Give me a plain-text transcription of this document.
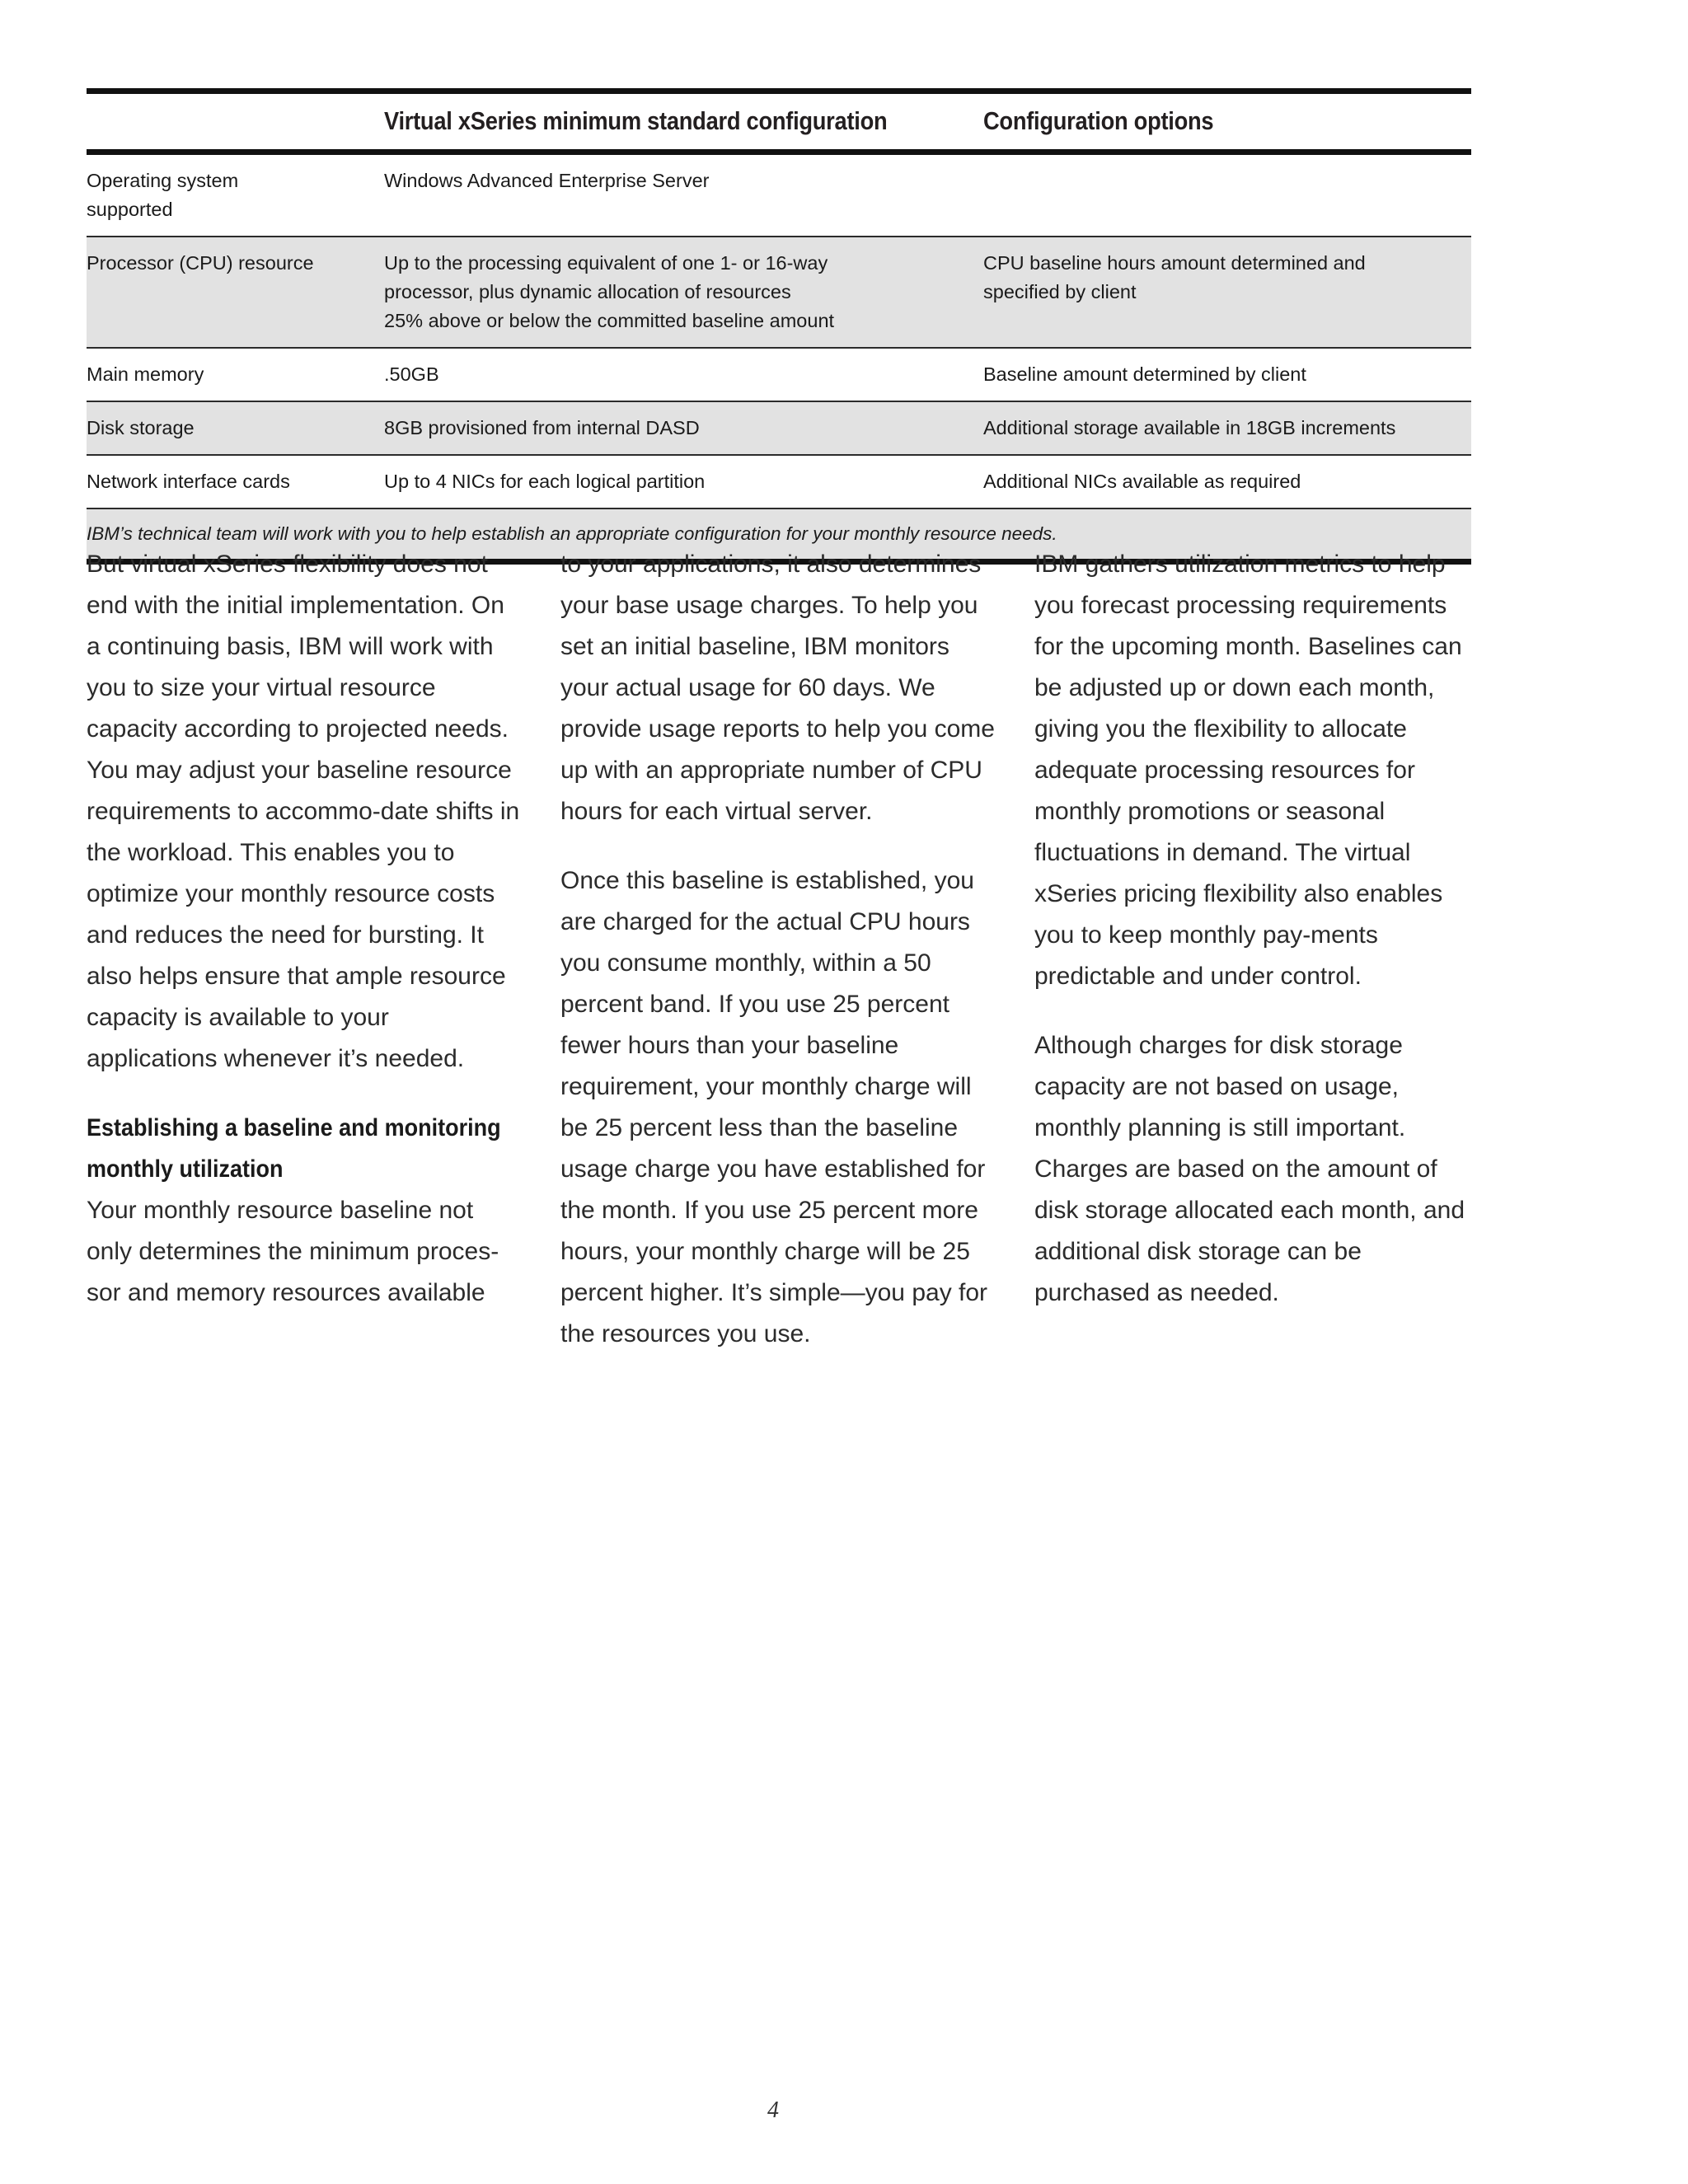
	Virtual xSeries minimum standard configuration	Configuration options
Operating system supported	Windows Advanced Enterprise Server	
Processor (CPU) resource	Up to the processing equivalent of one 1- or 16-way processor, plus dynamic allocation of resources 25% above or below the committed baseline amount	CPU baseline hours amount determined and specified by client
Main memory	.50GB	Baseline amount determined by client
Disk storage	8GB provisioned from internal DASD	Additional storage available in 18GB increments
Network interface cards	Up to 4 NICs for each logical partition	Additional NICs available as required
IBM’s technical team will work with you to help establish an appropriate configuration for your monthly resource needs.		

But virtual xSeries flexibility does not end with the initial implementation. On a continuing basis, IBM will work with you to size your virtual resource capacity according to projected needs. You may adjust your baseline resource requirements to accommo-date shifts in the workload. This enables you to optimize your monthly resource costs and reduces the need for bursting. It also helps ensure that ample resource capacity is available to your applications whenever it’s needed.

Establishing a baseline and monitoring monthly utilization

Your monthly resource baseline not only determines the minimum proces-sor and memory resources available

to your applications, it also determines your base usage charges. To help you set an initial baseline, IBM monitors your actual usage for 60 days. We provide usage reports to help you come up with an appropriate number of CPU hours for each virtual server.

Once this baseline is established, you are charged for the actual CPU hours you consume monthly, within a 50 percent band. If you use 25 percent fewer hours than your baseline requirement, your monthly charge will be 25 percent less than the baseline usage charge you have established for the month. If you use 25 percent more hours, your monthly charge will be 25 percent higher. It’s simple—you pay for the resources you use.

IBM gathers utilization metrics to help you forecast processing requirements for the upcoming month. Baselines can be adjusted up or down each month, giving you the flexibility to allocate adequate processing resources for monthly promotions or seasonal fluctuations in demand. The virtual xSeries pricing flexibility also enables you to keep monthly pay-ments predictable and under control.

Although charges for disk storage capacity are not based on usage, monthly planning is still important. Charges are based on the amount of disk storage allocated each month, and additional disk storage can be purchased as needed.

4
